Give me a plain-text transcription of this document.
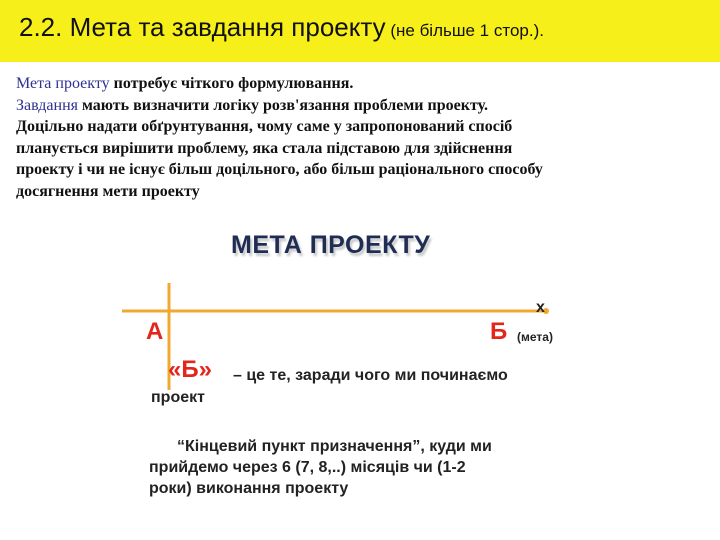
2.2. Мета та завдання проекту (не більше 1 стор.).
Мета проекту потребує чіткого формулювання.
Завдання мають визначити логіку розв'язання проблеми проекту.
Доцільно надати обґрунтування, чому саме у запропонований спосіб
планується вирішити проблему, яка стала підставою для здійснення
проекту і чи не існує більш доцільного, або більш раціонального способу
досягнення мети проекту
МЕТА ПРОЕКТУ
x
А	Б (мета)
«Б» – це те, заради чого ми починаємо
проект
“Кінцевий пункт призначення”, куди ми
прийдемо через 6 (7, 8,..) місяців чи (1-2
роки) виконання проекту
